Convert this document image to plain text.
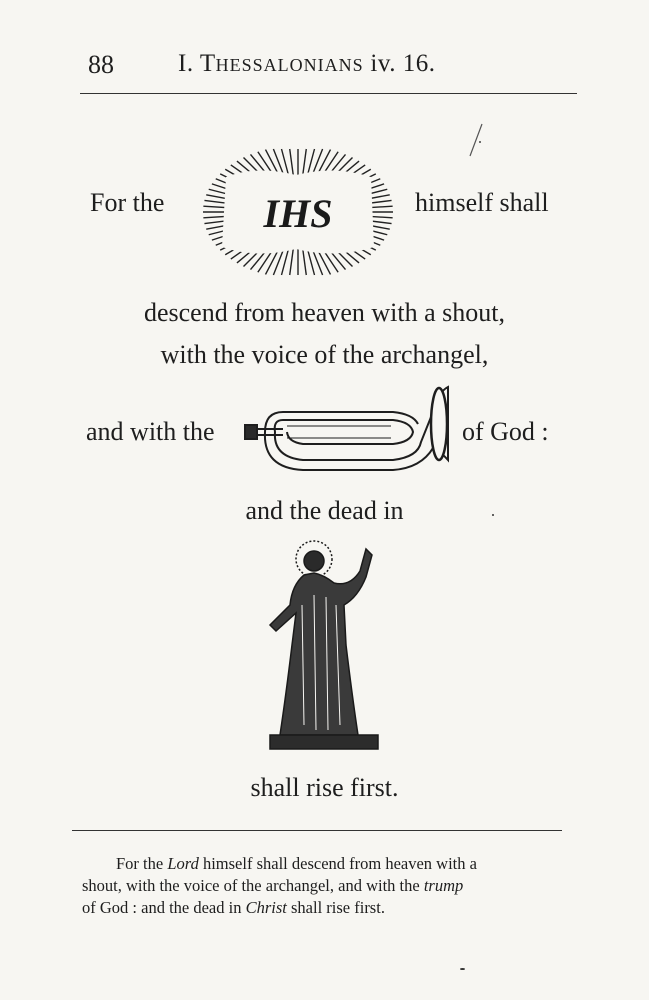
88	I. THESSALONIANS iv. 16.
For the IHS	himself shall
descend from heaven with a shout,
with the voice of the archangel,
and with the	of God :
and the dead in
shall rise first.
For the Lord himself shall descend from heaven with a
shout, with the voice of the archangel, and with the trump
of God : and the dead in Christ shall rise first.
